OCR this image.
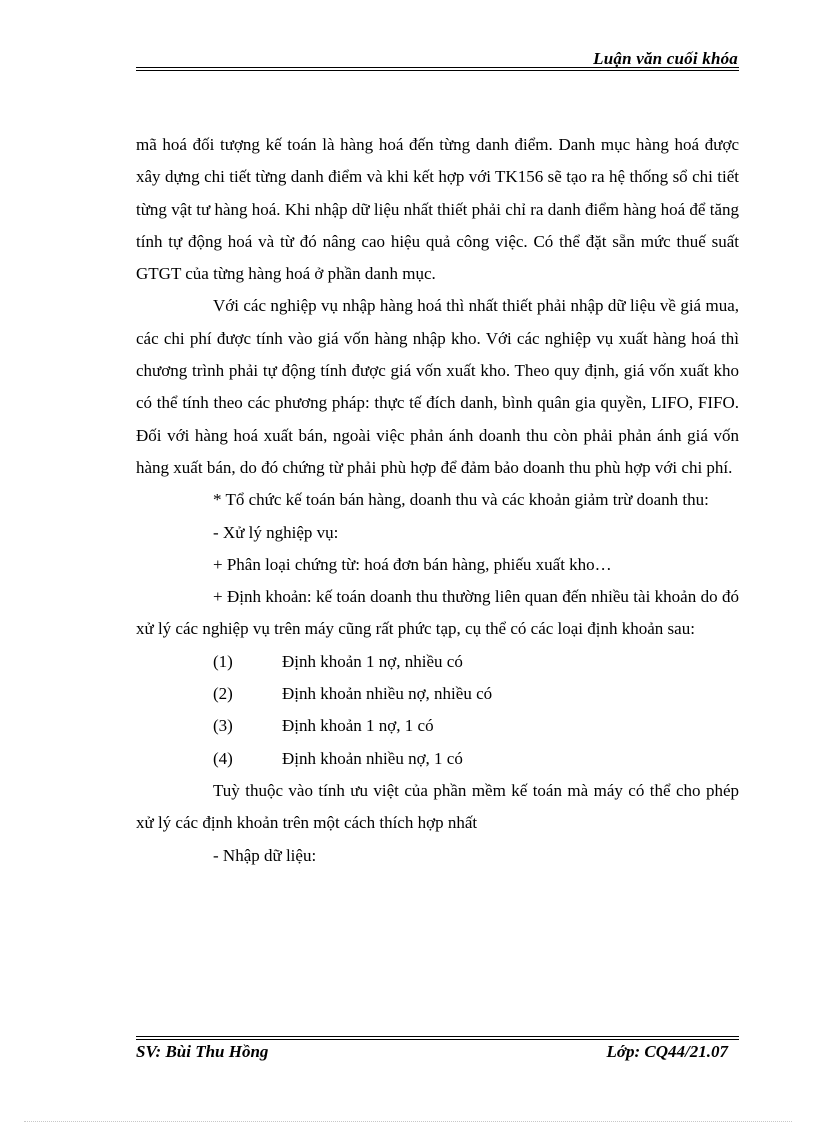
Luận văn cuối khóa

mã hoá đối tượng kế toán là hàng hoá đến từng danh điểm. Danh mục hàng hoá được xây dựng chi tiết từng danh điểm và khi kết hợp với TK156 sẽ tạo ra hệ thống sổ chi tiết từng vật tư hàng hoá. Khi nhập dữ liệu nhất thiết phải chỉ ra danh điểm hàng hoá để tăng tính tự động hoá và từ đó nâng cao hiệu quả công việc. Có thể đặt sẵn mức thuế suất GTGT của từng hàng hoá ở phần danh mục.

Với các nghiệp vụ nhập hàng hoá thì nhất thiết phải nhập dữ liệu về giá mua, các chi phí được tính vào giá vốn hàng nhập kho. Với các nghiệp vụ xuất hàng hoá thì chương trình phải tự động tính được giá vốn xuất kho. Theo quy định, giá vốn xuất kho có thể tính theo các phương pháp: thực tế đích danh, bình quân gia quyền, LIFO, FIFO. Đối với hàng hoá xuất bán, ngoài việc phản ánh doanh thu còn phải phản ánh giá vốn hàng xuất bán, do đó chứng từ phải phù hợp để đảm bảo doanh thu phù hợp với chi phí.

* Tổ chức kế toán bán hàng, doanh thu và các khoản giảm trừ doanh thu:

- Xử lý nghiệp vụ:

+ Phân loại chứng từ: hoá đơn bán hàng, phiếu xuất kho…

+ Định khoản: kế toán doanh thu thường liên quan đến nhiều tài khoản do đó xử lý các nghiệp vụ trên máy cũng rất phức tạp, cụ thể có các loại định khoản sau:

(1)	Định khoản 1 nợ, nhiều có
(2)	Định khoản nhiều nợ, nhiều có
(3)	Định khoản 1 nợ, 1 có
(4)	Định khoản nhiều nợ, 1 có

Tuỳ thuộc vào tính ưu việt của phần mềm kế toán mà máy có thể cho phép xử lý các định khoản trên một cách thích hợp nhất

- Nhập dữ liệu:

SV: Bùi Thu Hồng	Lớp: CQ44/21.07
